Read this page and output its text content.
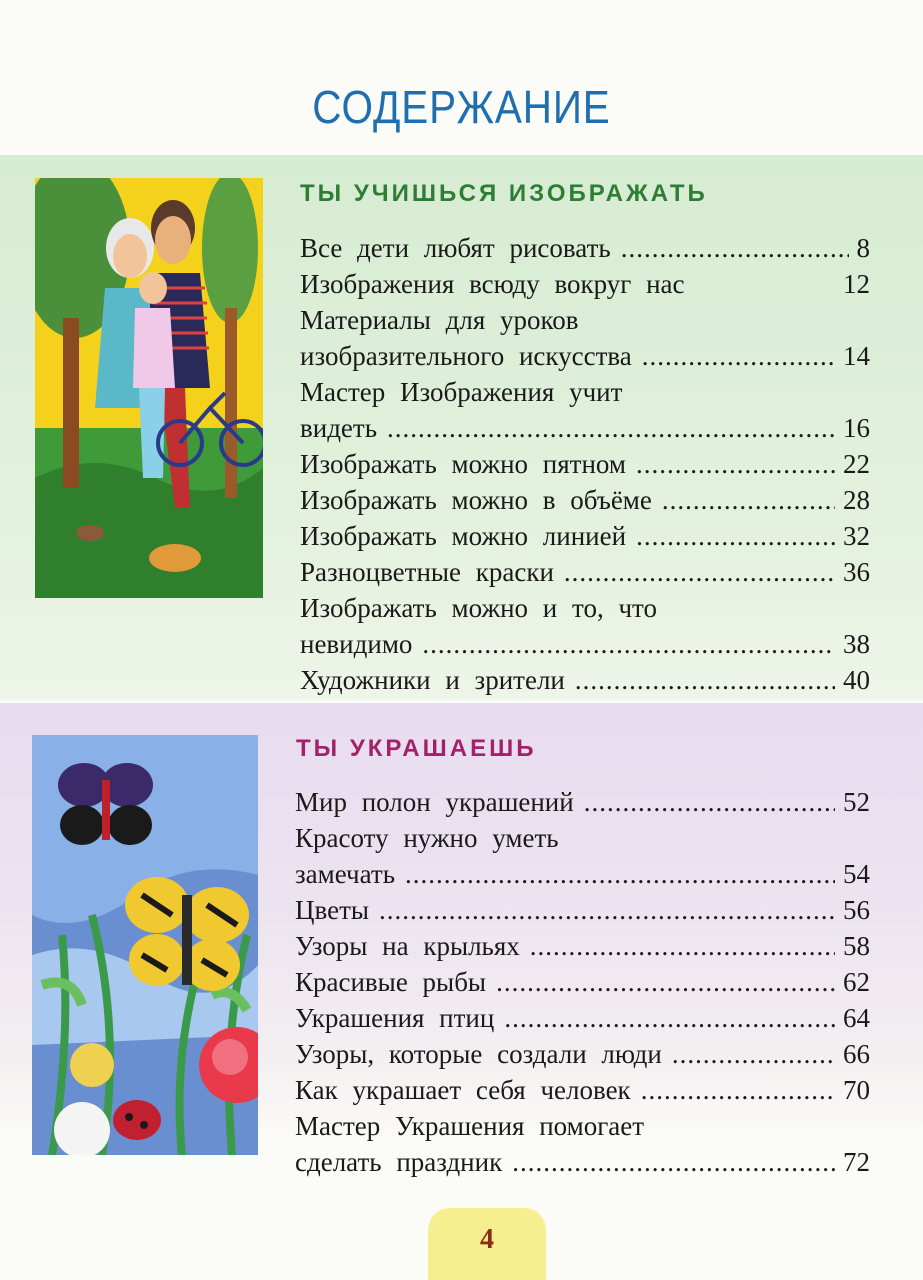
СОДЕРЖАНИЕ
ТЫ УЧИШЬСЯ ИЗОБРАЖАТЬ
Все дети любят рисовать .....	8
Изображения всюду вокруг нас	12
Материалы для уроков
изобразительного искусства .....	14
Мастер Изображения учит
видеть .....	16
Изображать можно пятном .....	22
Изображать можно в объёме .....	28
Изображать можно линией .....	32
Разноцветные краски .....	36
Изображать можно и то, что
невидимо .....	38
Художники и зрители .....	40
ТЫ УКРАШАЕШЬ
Мир полон украшений .....	52
Красоту нужно уметь
замечать .....	54
Цветы .....	56
Узоры на крыльях .....	58
Красивые рыбы .....	62
Украшения птиц .....	64
Узоры, которые создали люди .....	66
Как украшает себя человек .....	70
Мастер Украшения помогает
сделать праздник .....	72
4
